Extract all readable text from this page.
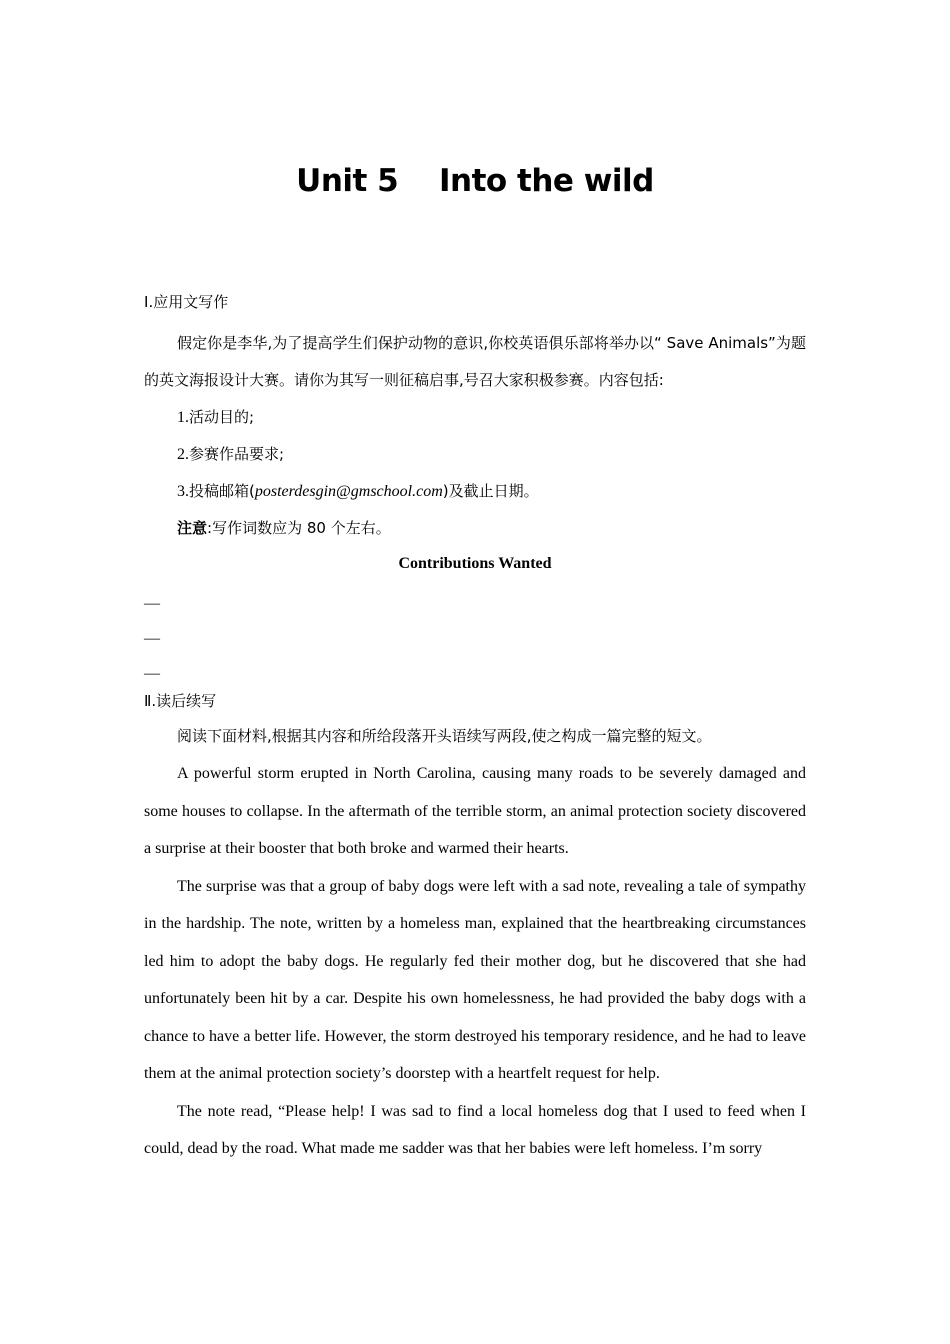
Unit 5　 Into the wild

Ⅰ.应用文写作

假定你是李华,为了提高学生们保护动物的意识,你校英语俱乐部将举办以“ Save Animals”为题的英文海报设计大赛。请你为其写一则征稿启事,号召大家积极参赛。内容包括:

1.活动目的;

2.参赛作品要求;

3.投稿邮箱(posterdesgin@gmschool.com)及截止日期。

注意:写作词数应为 80 个左右。

Contributions Wanted

—

—

—

Ⅱ.读后续写

阅读下面材料,根据其内容和所给段落开头语续写两段,使之构成一篇完整的短文。

A powerful storm erupted in North Carolina, causing many roads to be severely damaged and some houses to collapse. In the aftermath of the terrible storm, an animal protection society discovered a surprise at their booster that both broke and warmed their hearts.

The surprise was that a group of baby dogs were left with a sad note, revealing a tale of sympathy in the hardship. The note, written by a homeless man, explained that the heartbreaking circumstances led him to adopt the baby dogs. He regularly fed their mother dog, but he discovered that she had unfortunately been hit by a car. Despite his own homelessness, he had provided the baby dogs with a chance to have a better life. However, the storm destroyed his temporary residence, and he had to leave them at the animal protection society’s doorstep with a heartfelt request for help.

The note read, “Please help! I was sad to find a local homeless dog that I used to feed when I could, dead by the road. What made me sadder was that her babies were left homeless. I’m sorry
